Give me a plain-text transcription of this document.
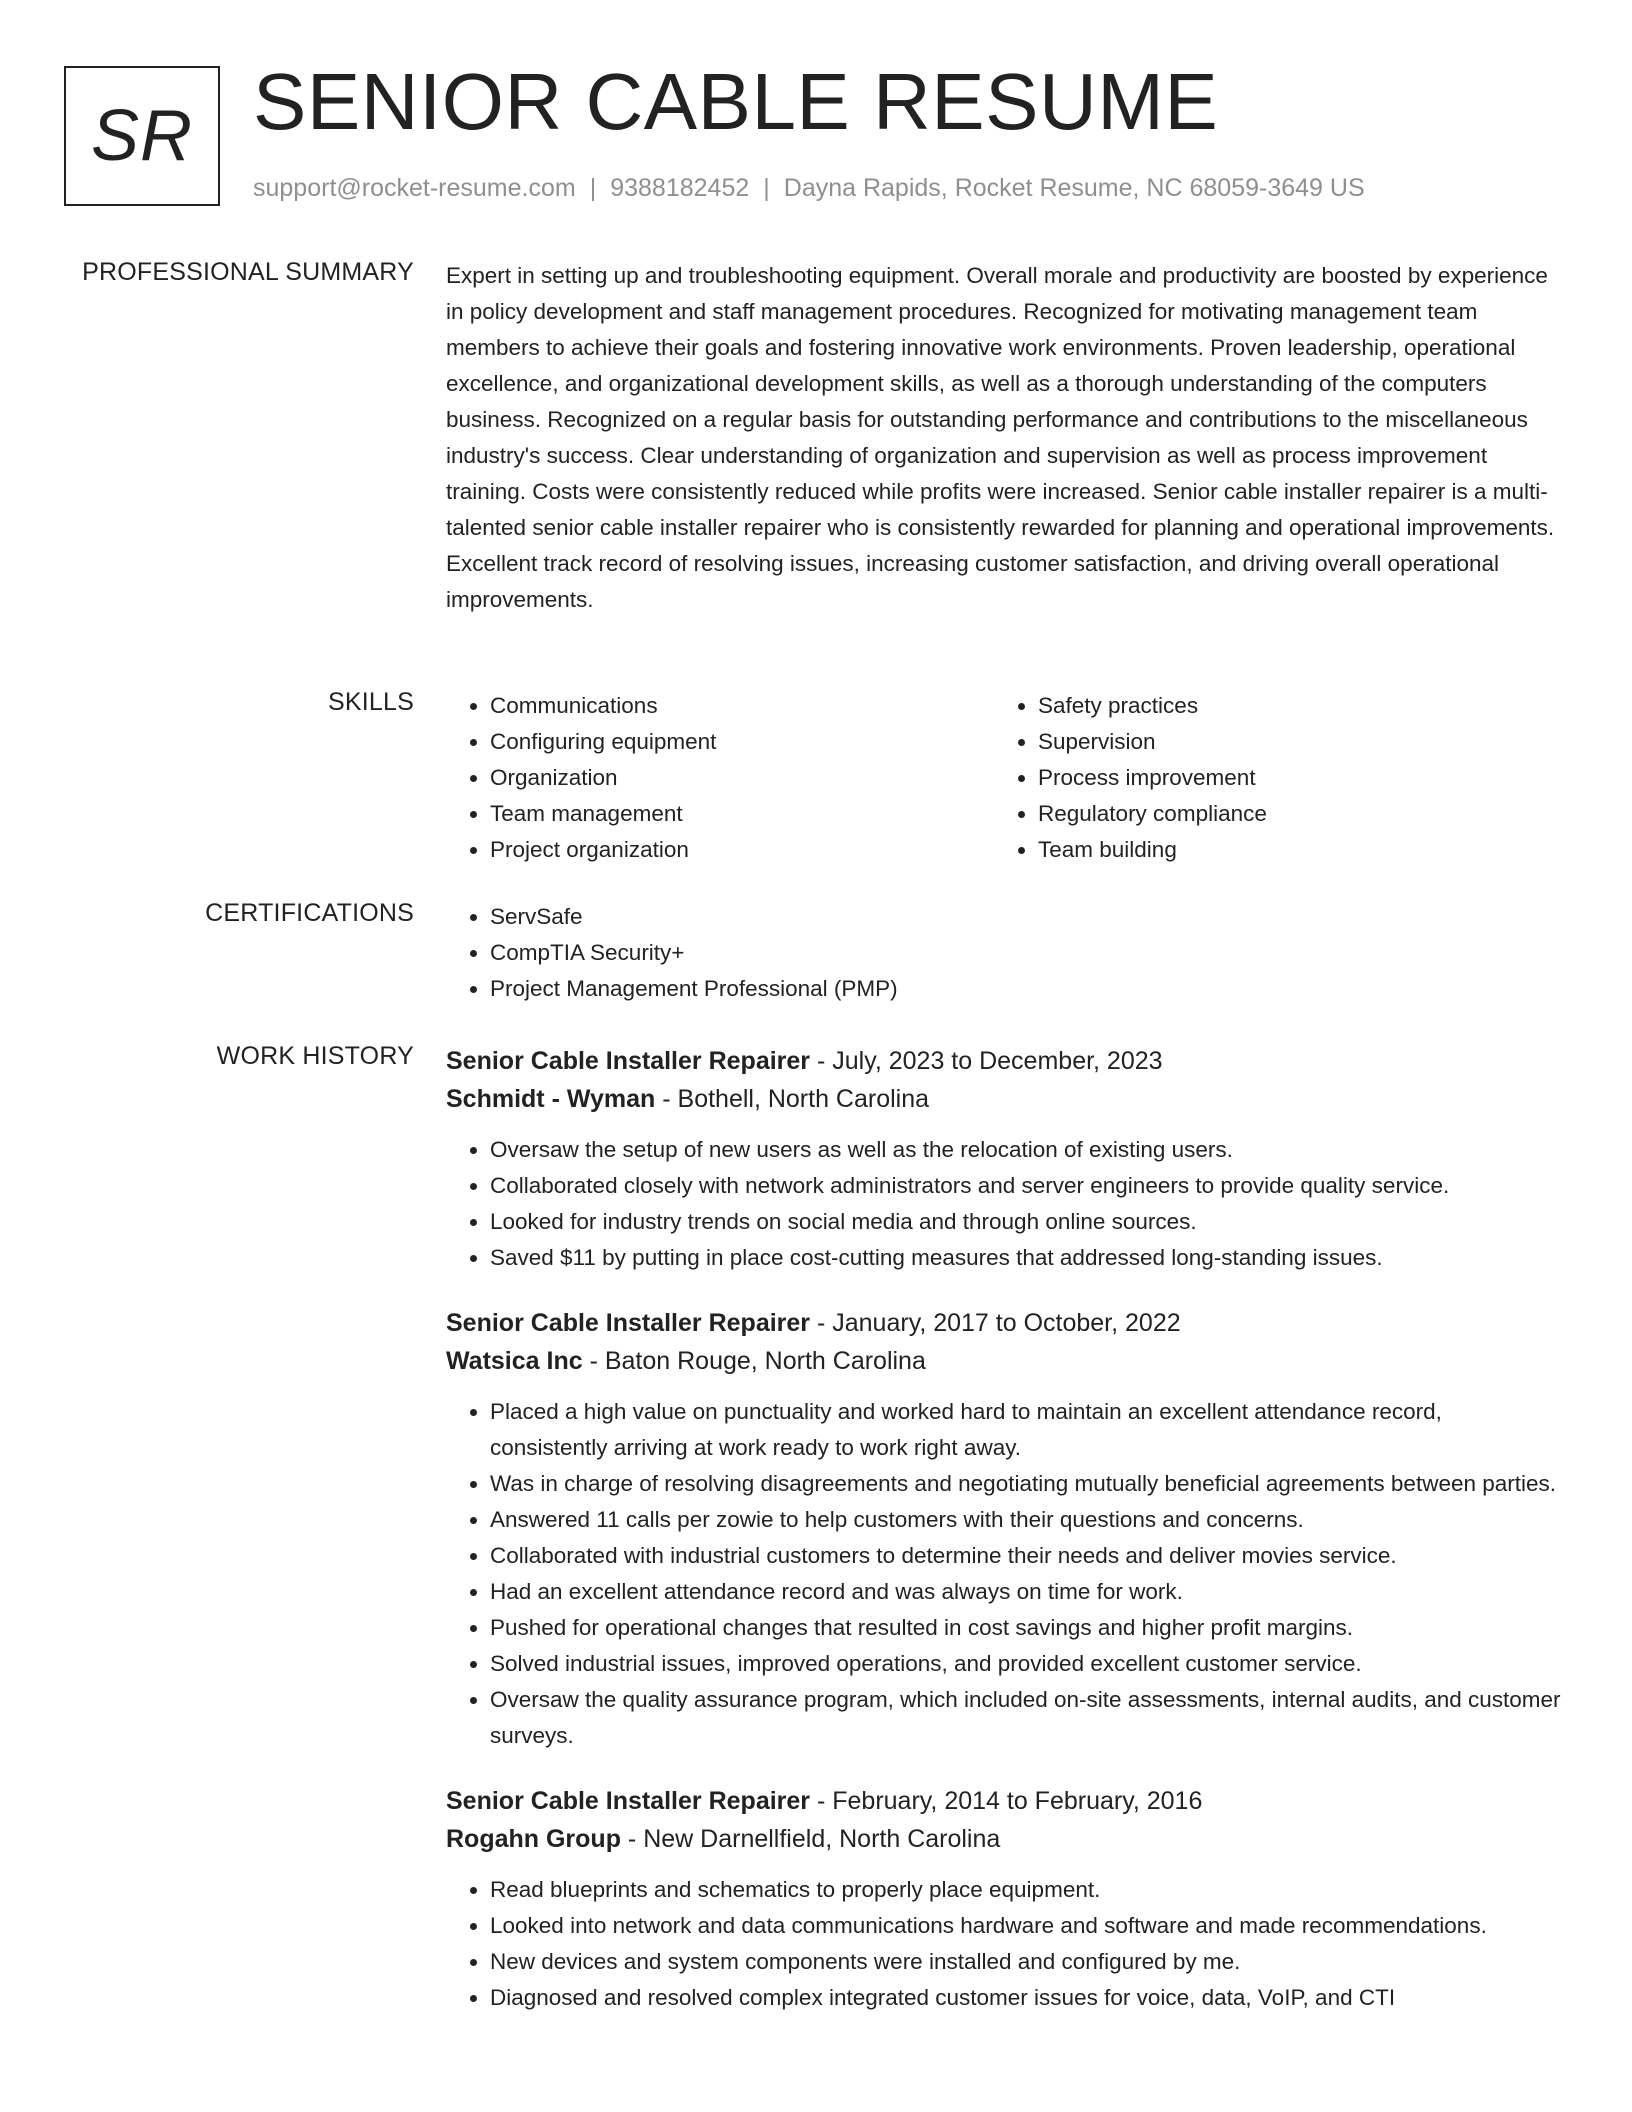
SR SENIOR CABLE RESUME
support@rocket-resume.com | 9388182452 | Dayna Rapids, Rocket Resume, NC 68059-3649 US
PROFESSIONAL SUMMARY Expert in setting up and troubleshooting equipment. Overall morale and productivity are boosted by experience in policy development and staff management procedures. Recognized for motivating management team members to achieve their goals and fostering innovative work environments. Proven leadership, operational excellence, and organizational development skills, as well as a thorough understanding of the computers business. Recognized on a regular basis for outstanding performance and contributions to the miscellaneous industry's success. Clear understanding of organization and supervision as well as process improvement training. Costs were consistently reduced while profits were increased. Senior cable installer repairer is a multi-talented senior cable installer repairer who is consistently rewarded for planning and operational improvements. Excellent track record of resolving issues, increasing customer satisfaction, and driving overall operational improvements.

SKILLS	• Communications
• Configuring equipment
• Organization
• Team management
• Project organization
• Safety practices
• Supervision
• Process improvement
• Regulatory compliance
• Team building
CERTIFICATIONS	• ServSafe
• CompTIA Security+
• Project Management Professional (PMP)
WORK HISTORY Senior Cable Installer Repairer - July, 2023 to December, 2023
Schmidt - Wyman - Bothell, North Carolina
• Oversaw the setup of new users as well as the relocation of existing users.
• Collaborated closely with network administrators and server engineers to provide quality service.
• Looked for industry trends on social media and through online sources.
• Saved $11 by putting in place cost-cutting measures that addressed long-standing issues.
Senior Cable Installer Repairer - January, 2017 to October, 2022
Watsica Inc - Baton Rouge, North Carolina
• Placed a high value on punctuality and worked hard to maintain an excellent attendance record, consistently arriving at work ready to work right away.
• Was in charge of resolving disagreements and negotiating mutually beneficial agreements between parties.
• Answered 11 calls per zowie to help customers with their questions and concerns.
• Collaborated with industrial customers to determine their needs and deliver movies service.
• Had an excellent attendance record and was always on time for work.
• Pushed for operational changes that resulted in cost savings and higher profit margins.
• Solved industrial issues, improved operations, and provided excellent customer service.
• Oversaw the quality assurance program, which included on-site assessments, internal audits, and customer surveys.
Senior Cable Installer Repairer - February, 2014 to February, 2016
Rogahn Group - New Darnellfield, North Carolina
• Read blueprints and schematics to properly place equipment.
• Looked into network and data communications hardware and software and made recommendations.
• New devices and system components were installed and configured by me.
• Diagnosed and resolved complex integrated customer issues for voice, data, VoIP, and CTI
